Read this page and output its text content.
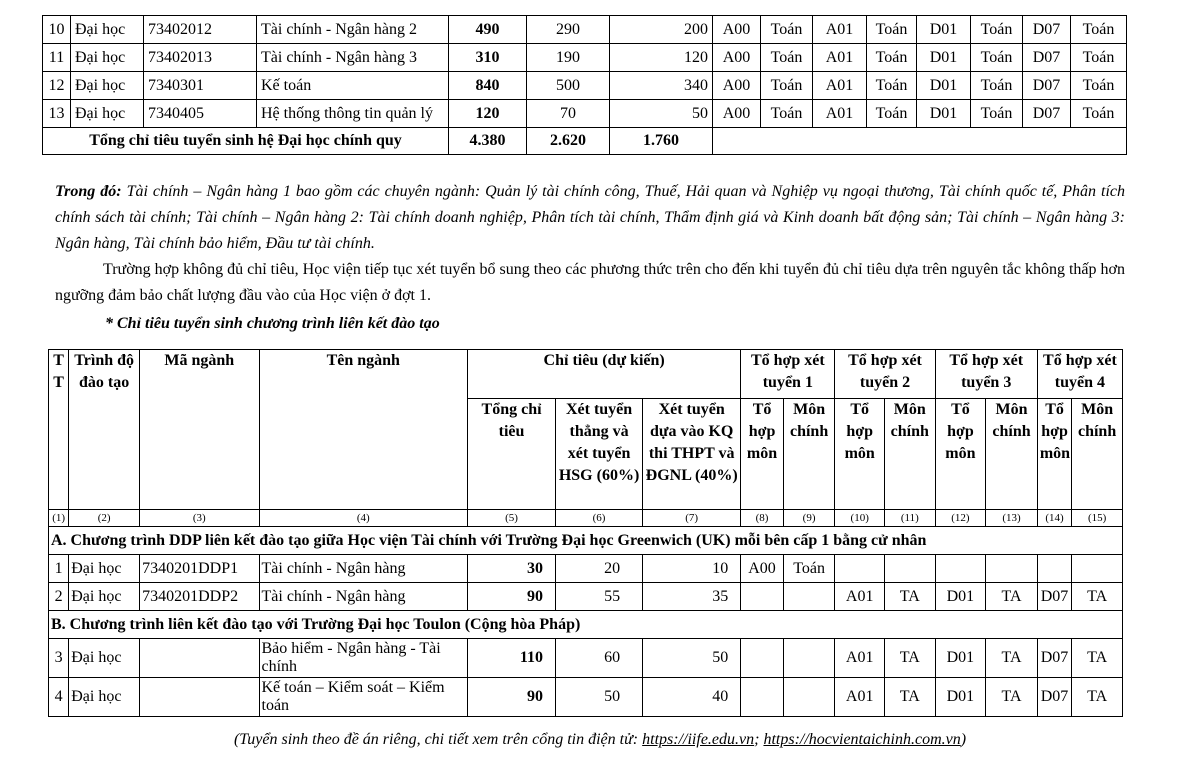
10	Đại học	73402012	Tài chính - Ngân hàng 2	490	290	200	A00	Toán	A01	Toán	D01	Toán	D07	Toán
11	Đại học	73402013	Tài chính - Ngân hàng 3	310	190	120	A00	Toán	A01	Toán	D01	Toán	D07	Toán
12	Đại học	7340301	Kế toán	840	500	340	A00	Toán	A01	Toán	D01	Toán	D07	Toán
13	Đại học	7340405	Hệ thống thông tin quản lý	120	70	50	A00	Toán	A01	Toán	D01	Toán	D07	Toán
Tổng chỉ tiêu tuyển sinh hệ Đại học chính quy				4.380	2.620	1.760								

Trong đó: Tài chính – Ngân hàng 1 bao gồm các chuyên ngành: Quản lý tài chính công, Thuế, Hải quan và Nghiệp vụ ngoại thương, Tài chính quốc tế, Phân tích chính sách tài chính; Tài chính – Ngân hàng 2: Tài chính doanh nghiệp, Phân tích tài chính, Thẩm định giá và Kinh doanh bất động sản; Tài chính – Ngân hàng 3: Ngân hàng, Tài chính bảo hiểm, Đầu tư tài chính.

Trường hợp không đủ chỉ tiêu, Học viện tiếp tục xét tuyển bổ sung theo các phương thức trên cho đến khi tuyển đủ chỉ tiêu dựa trên nguyên tắc không thấp hơn ngưỡng đảm bảo chất lượng đầu vào của Học viện ở đợt 1.

* Chỉ tiêu tuyển sinh chương trình liên kết đào tạo

T T	Trình độ đào tạo	Mã ngành	Tên ngành	Chỉ tiêu (dự kiến)			Tổ hợp xét tuyển 1		Tổ hợp xét tuyển 2		Tổ hợp xét tuyển 3		Tổ hợp xét tuyển 4	
				Tổng chỉ tiêu	Xét tuyển thẳng và xét tuyển HSG (60%)	Xét tuyển dựa vào KQ thi THPT và ĐGNL (40%)	Tổ hợp môn	Môn chính	Tổ hợp môn	Môn chính	Tổ hợp môn	Môn chính	Tổ hợp môn	Môn chính
(1)	(2)	(3)	(4)	(5)	(6)	(7)	(8)	(9)	(10)	(11)	(12)	(13)	(14)	(15)
A. Chương trình DDP liên kết đào tạo giữa Học viện Tài chính với Trường Đại học Greenwich (UK) mỗi bên cấp 1 bằng cử nhân														
1	Đại học	7340201DDP1	Tài chính - Ngân hàng	30	20	10	A00	Toán						
2	Đại học	7340201DDP2	Tài chính - Ngân hàng	90	55	35			A01	TA	D01	TA	D07	TA
B. Chương trình liên kết đào tạo với Trường Đại học Toulon (Cộng hòa Pháp)														
3	Đại học		Bảo hiểm - Ngân hàng - Tài chính	110	60	50			A01	TA	D01	TA	D07	TA
4	Đại học		Kế toán – Kiểm soát – Kiểm toán	90	50	40			A01	TA	D01	TA	D07	TA
(Tuyển sinh theo đề án riêng, chi tiết xem trên cổng tin điện tử: https://iife.edu.vn; https://hocvientaichinh.com.vn)
